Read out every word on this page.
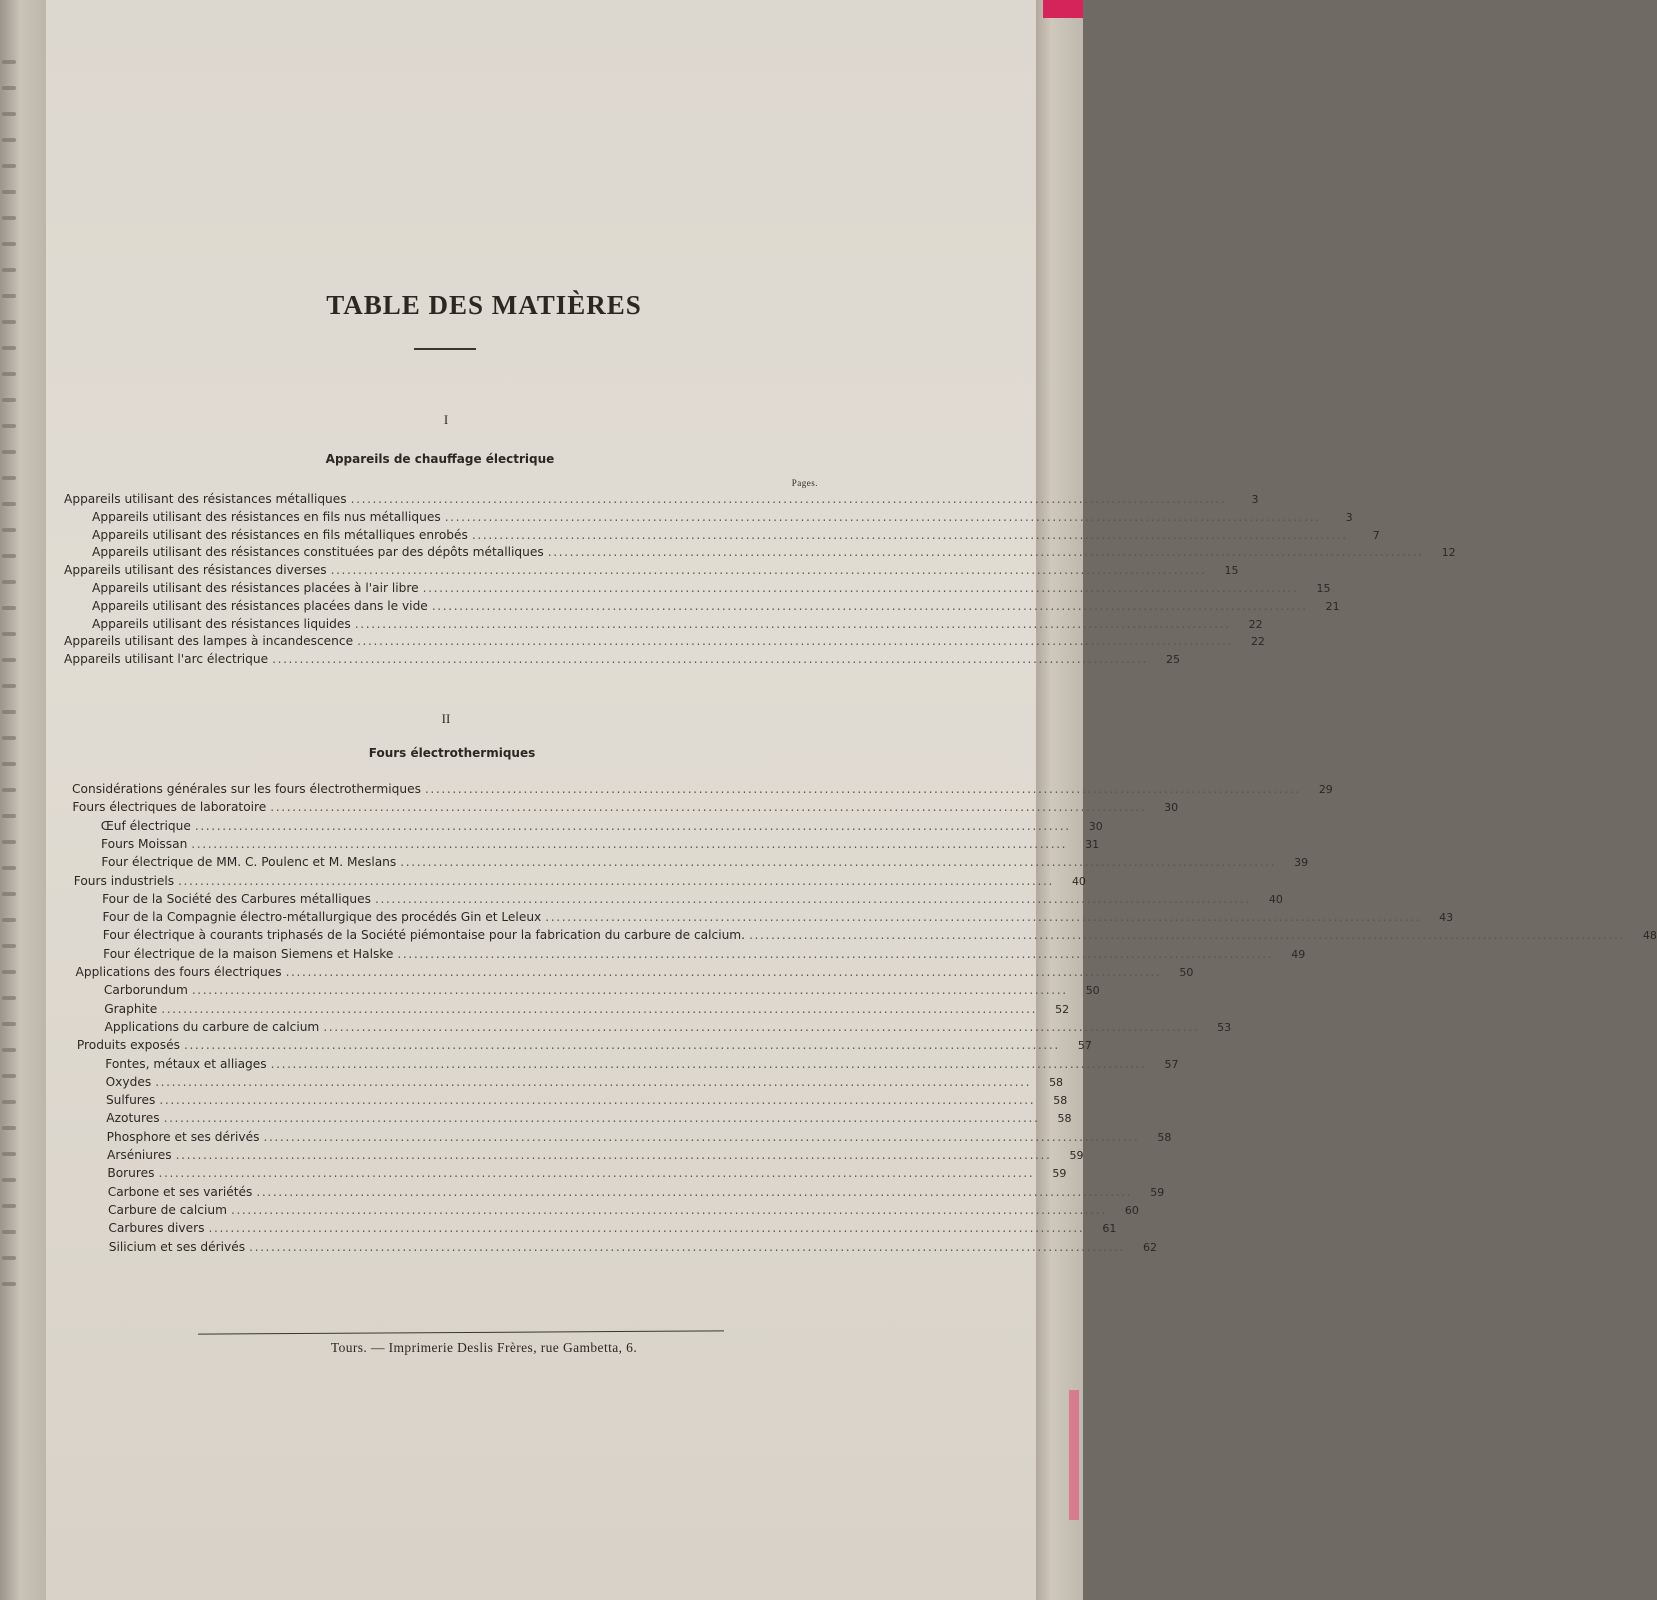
TABLE DES MATIÈRES
I
Appareils de chauffage électrique
Pages.
II
Fours électrothermiques
Appareils utilisant des résistances métalliques ................................................................................................................................................................	3
Appareils utilisant des résistances en fils nus métalliques ................................................................................................................................................................	3
Appareils utilisant des résistances en fils métalliques enrobés ................................................................................................................................................................	7
Appareils utilisant des résistances constituées par des dépôts métalliques ................................................................................................................................................................	12
Appareils utilisant des résistances diverses ................................................................................................................................................................	15
Appareils utilisant des résistances placées à l'air libre ................................................................................................................................................................	15
Appareils utilisant des résistances placées dans le vide ................................................................................................................................................................	21
Appareils utilisant des résistances liquides ................................................................................................................................................................	22
Appareils utilisant des lampes à incandescence ................................................................................................................................................................	22
Appareils utilisant l'arc électrique ................................................................................................................................................................	25
Considérations générales sur les fours électrothermiques ................................................................................................................................................................	29
Fours électriques de laboratoire ................................................................................................................................................................	30
Œuf électrique ................................................................................................................................................................	30
Fours Moissan ................................................................................................................................................................	31
Four électrique de MM. C. Poulenc et M. Meslans ................................................................................................................................................................	39
Fours industriels ................................................................................................................................................................	40
Four de la Société des Carbures métalliques ................................................................................................................................................................	40
Four de la Compagnie électro-métallurgique des procédés Gin et Leleux ................................................................................................................................................................	43
Four électrique à courants triphasés de la Société piémontaise pour la fabrication du carbure de calcium. ................................................................................................................................................................	48
Four électrique de la maison Siemens et Halske ................................................................................................................................................................	49
Applications des fours électriques ................................................................................................................................................................	50
Carborundum ................................................................................................................................................................	50
Graphite ................................................................................................................................................................	52
Applications du carbure de calcium ................................................................................................................................................................	53
Produits exposés ................................................................................................................................................................	57
Fontes, métaux et alliages ................................................................................................................................................................	57
Oxydes ................................................................................................................................................................	58
Sulfures ................................................................................................................................................................	58
Azotures ................................................................................................................................................................	58
Phosphore et ses dérivés ................................................................................................................................................................	58
Arséniures ................................................................................................................................................................	59
Borures ................................................................................................................................................................	59
Carbone et ses variétés ................................................................................................................................................................	59
Carbure de calcium ................................................................................................................................................................	60
Carbures divers ................................................................................................................................................................	61
Silicium et ses dérivés ................................................................................................................................................................	62
Tours. — Imprimerie Deslis Frères, rue Gambetta, 6.
